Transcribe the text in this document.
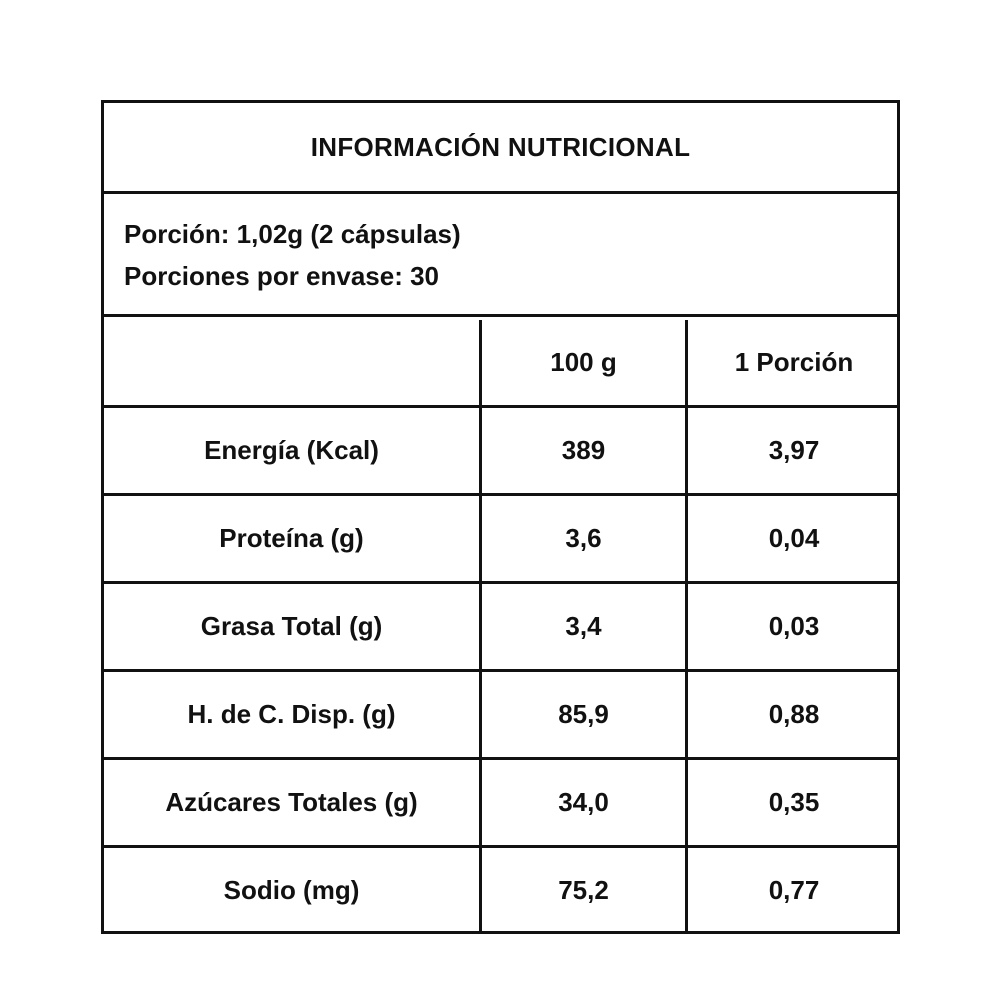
INFORMACIÓN NUTRICIONAL
Porción: 1,02g (2 cápsulas)
Porciones por envase: 30
	100 g	1 Porción
Energía (Kcal)	389	3,97
Proteína (g)	3,6	0,04
Grasa Total (g)	3,4	0,03
H. de C. Disp. (g)	85,9	0,88
Azúcares Totales (g)	34,0	0,35
Sodio (mg)	75,2	0,77
